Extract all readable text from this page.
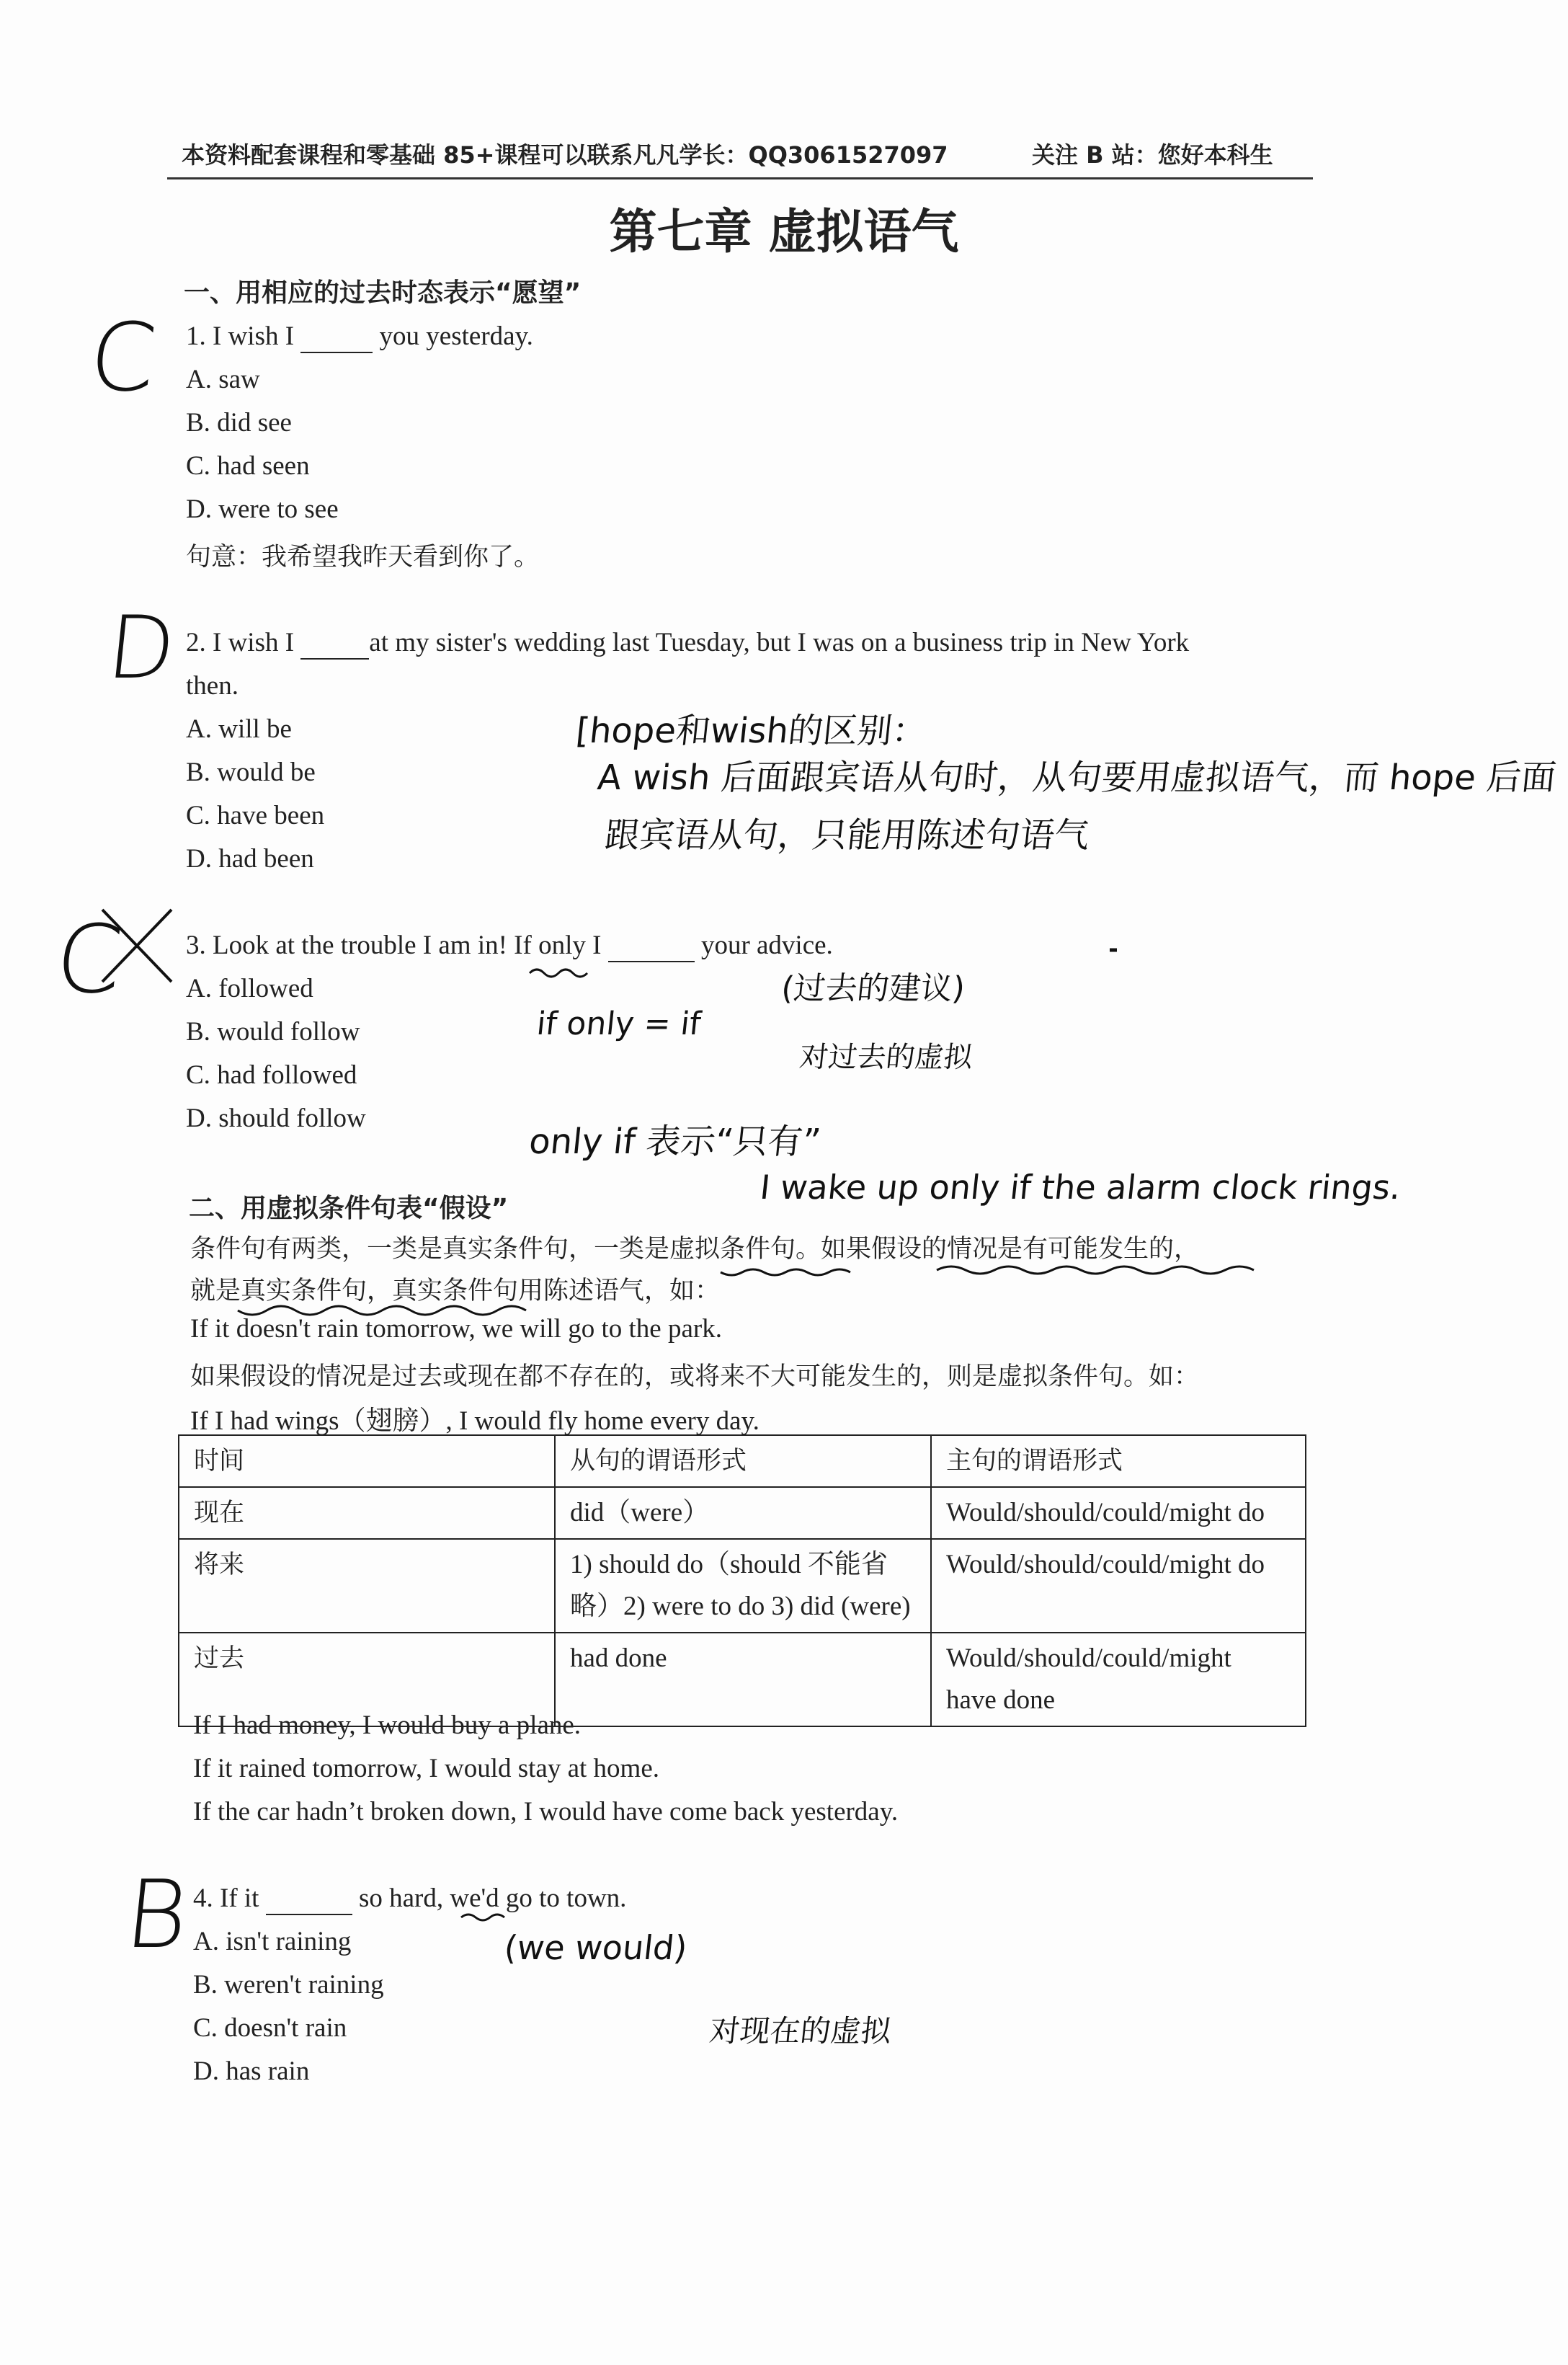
本资料配套课程和零基础 85+课程可以联系凡凡学长：QQ3061527097	关注 B 站：您好本科生
第七章 虚拟语气
一、用相应的过去时态表示“愿望”
1. I wish I	you yesterday.
A. saw
B. did see
C. had seen
D. were to see
句意：我希望我昨天看到你了。
2. I wish I	at my sister's wedding last Tuesday, but I was on a business trip in New York
then.
A. will be
B. would be
C. have been
D. had been
3. Look at the trouble I am in! If only I	your advice.
A. followed
B. would follow
C. had followed
D. should follow
二、用虚拟条件句表“假设”
条件句有两类，一类是真实条件句，一类是虚拟条件句。如果假设的情况是有可能发生的，
就是真实条件句，真实条件句用陈述语气，如：
If it doesn't rain tomorrow, we will go to the park.
如果假设的情况是过去或现在都不存在的，或将来不大可能发生的，则是虚拟条件句。如：
If I had wings（翅膀）, I would fly home every day.
时间	从句的谓语形式	主句的谓语形式
现在	did（were）	Would/should/could/might do
将来	1) should do（should 不能省
略）2) were to do 3) did (were)	Would/should/could/might do
过去	had done	Would/should/could/might
have done
If I had money, I would buy a plane.
If it rained tomorrow, I would stay at home.
If the car hadn’t broken down, I would have come back yesterday.
4. If it	so hard, we'd go to town.
A. isn't raining
B. weren't raining
C. doesn't rain
D. has rain
C
D
C
B
[hope和wish的区别：
A wish 后面跟宾语从句时，从句要用虚拟语气，而 hope 后面
跟宾语从句，只能用陈述句语气
(过去的建议)
对过去的虚拟
if only = if
only if 表示“只有”
I wake up only if the alarm clock rings.
(we would)
对现在的虚拟
